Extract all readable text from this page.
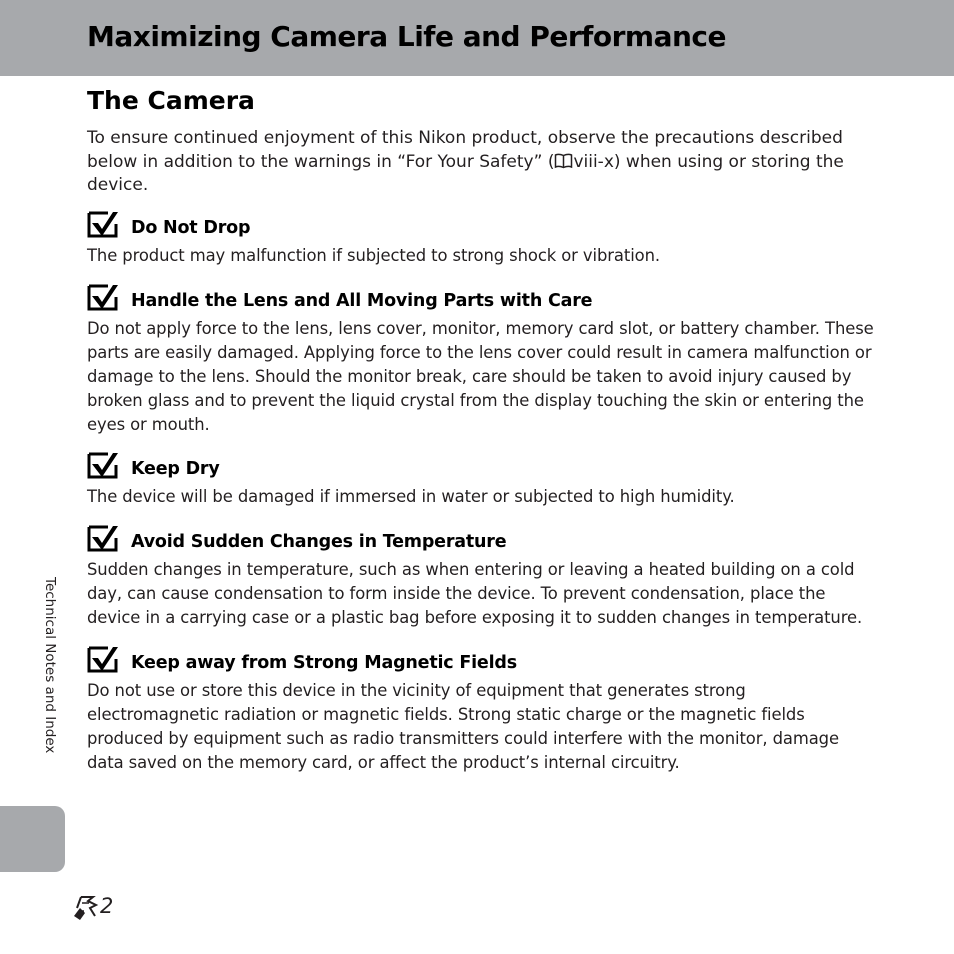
Maximizing Camera Life and Performance
The Camera

To ensure continued enjoyment of this Nikon product, observe the precautions described below in addition to the warnings in “For Your Safety” ( viii-x) when using or storing the device.

Do Not Drop

The product may malfunction if subjected to strong shock or vibration.

Handle the Lens and All Moving Parts with Care

Do not apply force to the lens, lens cover, monitor, memory card slot, or battery chamber. These parts are easily damaged. Applying force to the lens cover could result in camera malfunction or damage to the lens. Should the monitor break, care should be taken to avoid injury caused by broken glass and to prevent the liquid crystal from the display touching the skin or entering the eyes or mouth.

Keep Dry

The device will be damaged if immersed in water or subjected to high humidity.

Avoid Sudden Changes in Temperature

Sudden changes in temperature, such as when entering or leaving a heated building on a cold day, can cause condensation to form inside the device. To prevent condensation, place the device in a carrying case or a plastic bag before exposing it to sudden changes in temperature.

Keep away from Strong Magnetic Fields

Do not use or store this device in the vicinity of equipment that generates strong electromagnetic radiation or magnetic fields. Strong static charge or the magnetic fields produced by equipment such as radio transmitters could interfere with the monitor, damage data saved on the memory card, or affect the product’s internal circuitry.

Technical Notes and Index
2
